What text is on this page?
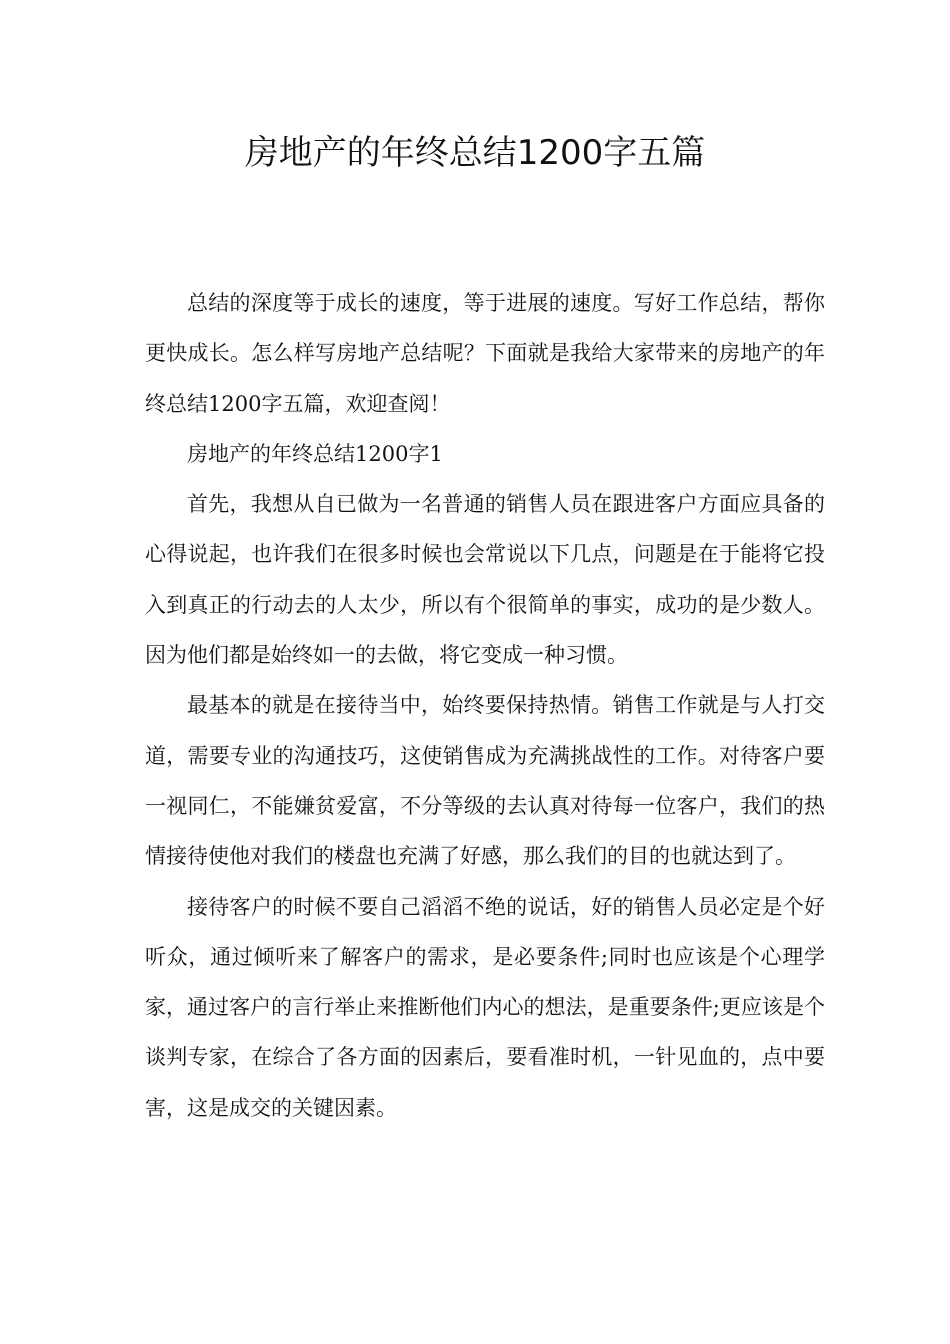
房地产的年终总结1200字五篇

总结的深度等于成长的速度，等于进展的速度。写好工作总结，帮你更快成长。怎么样写房地产总结呢？下面就是我给大家带来的房地产的年终总结1200字五篇，欢迎查阅！

房地产的年终总结1200字1

首先，我想从自已做为一名普通的销售人员在跟进客户方面应具备的心得说起，也许我们在很多时候也会常说以下几点，问题是在于能将它投入到真正的行动去的人太少，所以有个很简单的事实，成功的是少数人。因为他们都是始终如一的去做，将它变成一种习惯。

最基本的就是在接待当中，始终要保持热情。销售工作就是与人打交道，需要专业的沟通技巧，这使销售成为充满挑战性的工作。对待客户要一视同仁，不能嫌贫爱富，不分等级的去认真对待每一位客户，我们的热情接待使他对我们的楼盘也充满了好感，那么我们的目的也就达到了。

接待客户的时候不要自己滔滔不绝的说话，好的销售人员必定是个好听众，通过倾听来了解客户的需求，是必要条件;同时也应该是个心理学家，通过客户的言行举止来推断他们内心的想法，是重要条件;更应该是个谈判专家，在综合了各方面的因素后，要看准时机，一针见血的，点中要害，这是成交的关键因素。
